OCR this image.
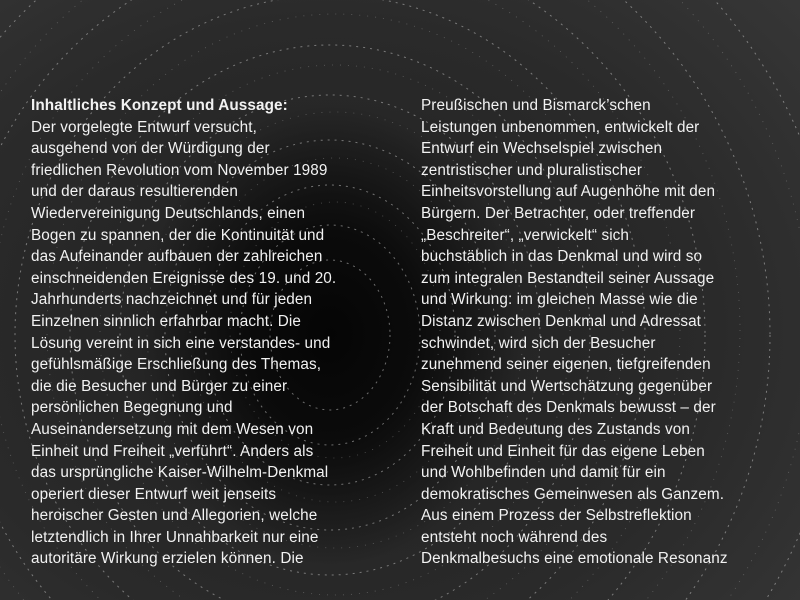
Inhaltliches Konzept und Aussage:
Der vorgelegte Entwurf versucht,
ausgehend von der Würdigung der
friedlichen Revolution vom November 1989
und der daraus resultierenden
Wiedervereinigung Deutschlands, einen
Bogen zu spannen, der die Kontinuität und
das Aufeinander aufbauen der zahlreichen
einschneidenden Ereignisse des 19. und 20.
Jahrhunderts nachzeichnet und für jeden
Einzelnen sinnlich erfahrbar macht. Die
Lösung vereint in sich eine verstandes- und
gefühlsmäßige Erschließung des Themas,
die die Besucher und Bürger zu einer
persönlichen Begegnung und
Auseinandersetzung mit dem Wesen von
Einheit und Freiheit „verführt“. Anders als
das ursprüngliche Kaiser-Wilhelm-Denkmal
operiert dieser Entwurf weit jenseits
heroischer Gesten und Allegorien, welche
letztendlich in Ihrer Unnahbarkeit nur eine
autoritäre Wirkung erzielen können. Die
Preußischen und Bismarck’schen
Leistungen unbenommen, entwickelt der
Entwurf ein Wechselspiel zwischen
zentristischer und pluralistischer
Einheitsvorstellung auf Augenhöhe mit den
Bürgern. Der Betrachter, oder treffender
„Beschreiter“, „verwickelt“ sich
buchstäblich in das Denkmal und wird so
zum integralen Bestandteil seiner Aussage
und Wirkung: im gleichen Masse wie die
Distanz zwischen Denkmal und Adressat
schwindet, wird sich der Besucher
zunehmend seiner eigenen, tiefgreifenden
Sensibilität und Wertschätzung gegenüber
der Botschaft des Denkmals bewusst – der
Kraft und Bedeutung des Zustands von
Freiheit und Einheit für das eigene Leben
und Wohlbefinden und damit für ein
demokratisches Gemeinwesen als Ganzem.
Aus einem Prozess der Selbstreflektion
entsteht noch während des
Denkmalbesuchs eine emotionale Resonanz
